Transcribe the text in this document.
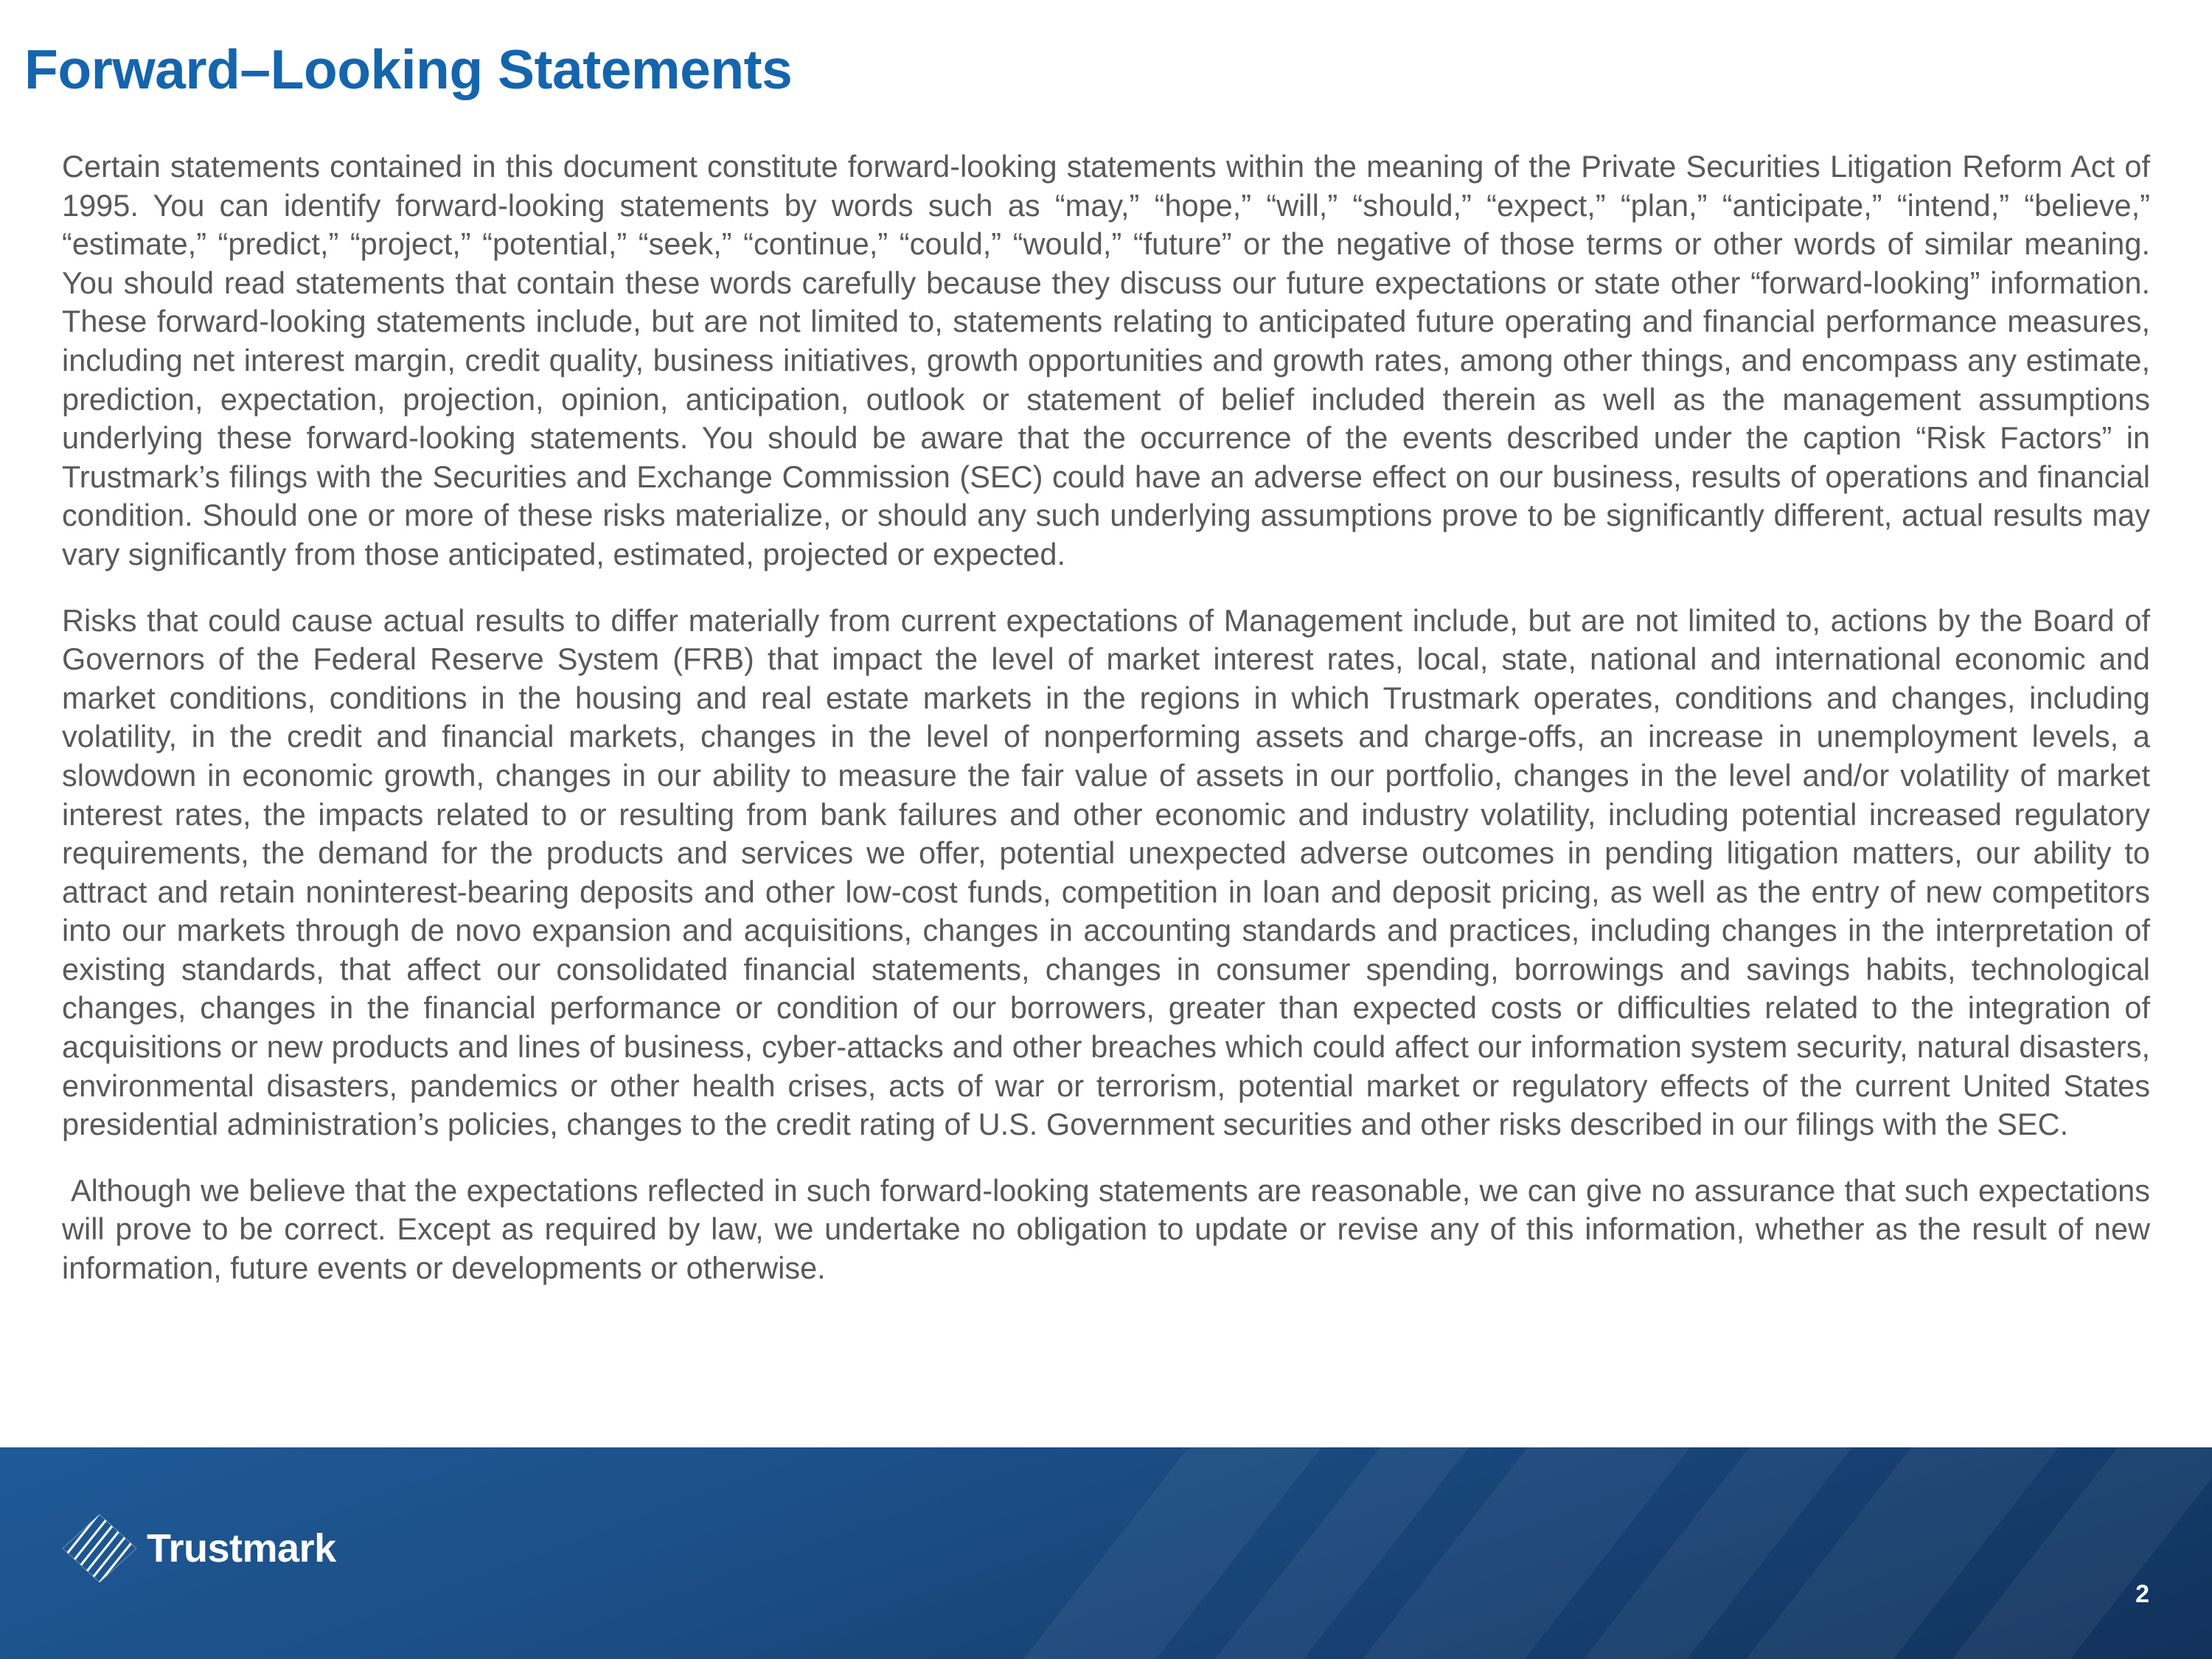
Forward–Looking Statements

Certain statements contained in this document constitute forward-looking statements within the meaning of the Private Securities Litigation Reform Act of 1995. You can identify forward-looking statements by words such as “may,” “hope,” “will,” “should,” “expect,” “plan,” “anticipate,” “intend,” “believe,” “estimate,” “predict,” “project,” “potential,” “seek,” “continue,” “could,” “would,” “future” or the negative of those terms or other words of similar meaning. You should read statements that contain these words carefully because they discuss our future expectations or state other “forward-looking” information. These forward-looking statements include, but are not limited to, statements relating to anticipated future operating and financial performance measures, including net interest margin, credit quality, business initiatives, growth opportunities and growth rates, among other things, and encompass any estimate, prediction, expectation, projection, opinion, anticipation, outlook or statement of belief included therein as well as the management assumptions underlying these forward-looking statements. You should be aware that the occurrence of the events described under the caption “Risk Factors” in Trustmark’s filings with the Securities and Exchange Commission (SEC) could have an adverse effect on our business, results of operations and financial condition. Should one or more of these risks materialize, or should any such underlying assumptions prove to be significantly different, actual results may vary significantly from those anticipated, estimated, projected or expected.

Risks that could cause actual results to differ materially from current expectations of Management include, but are not limited to, actions by the Board of Governors of the Federal Reserve System (FRB) that impact the level of market interest rates, local, state, national and international economic and market conditions, conditions in the housing and real estate markets in the regions in which Trustmark operates, conditions and changes, including volatility, in the credit and financial markets, changes in the level of nonperforming assets and charge-offs, an increase in unemployment levels, a slowdown in economic growth, changes in our ability to measure the fair value of assets in our portfolio, changes in the level and/or volatility of market interest rates, the impacts related to or resulting from bank failures and other economic and industry volatility, including potential increased regulatory requirements, the demand for the products and services we offer, potential unexpected adverse outcomes in pending litigation matters, our ability to attract and retain noninterest-bearing deposits and other low-cost funds, competition in loan and deposit pricing, as well as the entry of new competitors into our markets through de novo expansion and acquisitions, changes in accounting standards and practices, including changes in the interpretation of existing standards, that affect our consolidated financial statements, changes in consumer spending, borrowings and savings habits, technological changes, changes in the financial performance or condition of our borrowers, greater than expected costs or difficulties related to the integration of acquisitions or new products and lines of business, cyber-attacks and other breaches which could affect our information system security, natural disasters, environmental disasters, pandemics or other health crises, acts of war or terrorism, potential market or regulatory effects of the current United States presidential administration’s policies, changes to the credit rating of U.S. Government securities and other risks described in our filings with the SEC.

Although we believe that the expectations reflected in such forward-looking statements are reasonable, we can give no assurance that such expectations will prove to be correct. Except as required by law, we undertake no obligation to update or revise any of this information, whether as the result of new information, future events or developments or otherwise.

Trustmark
2
